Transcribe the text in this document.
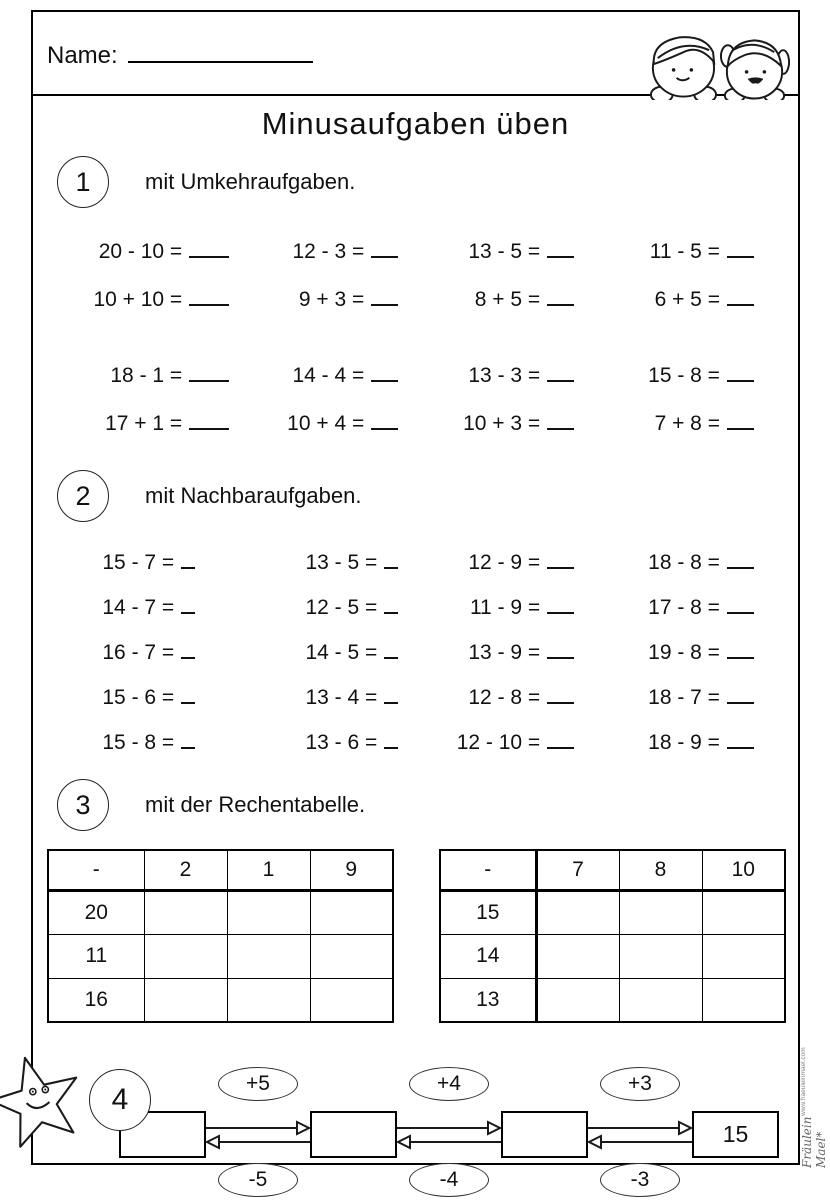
Name:
Minusaufgaben üben
1 mit Umkehraufgaben.
20 - 10 =	12 - 3 =	13 - 5 =	11 - 5 =
10 + 10 =	9 + 3 =	8 + 5 =	6 + 5 =
18 - 1 =	14 - 4 =	13 - 3 =	15 - 8 =
17 + 1 =	10 + 4 =	10 + 3 =	7 + 8 =
2 mit Nachbaraufgaben.
15 - 7 =	13 - 5 =	12 - 9 =	18 - 8 =
14 - 7 =	12 - 5 =	11 - 9 =	17 - 8 =
16 - 7 =	14 - 5 =	13 - 9 =	19 - 8 =
15 - 6 =	13 - 4 =	12 - 8 =	18 - 7 =
15 - 8 =	13 - 6 =	12 - 10 =	18 - 9 =
3 mit der Rechentabelle.
-	2	1	9
20			
11			
16			
-	7	8	10
15			
14			
13			
4	+5
-5
+4
-4
+3
-3
15	Fräulein Mael*
www.fraeuleinmael.com
